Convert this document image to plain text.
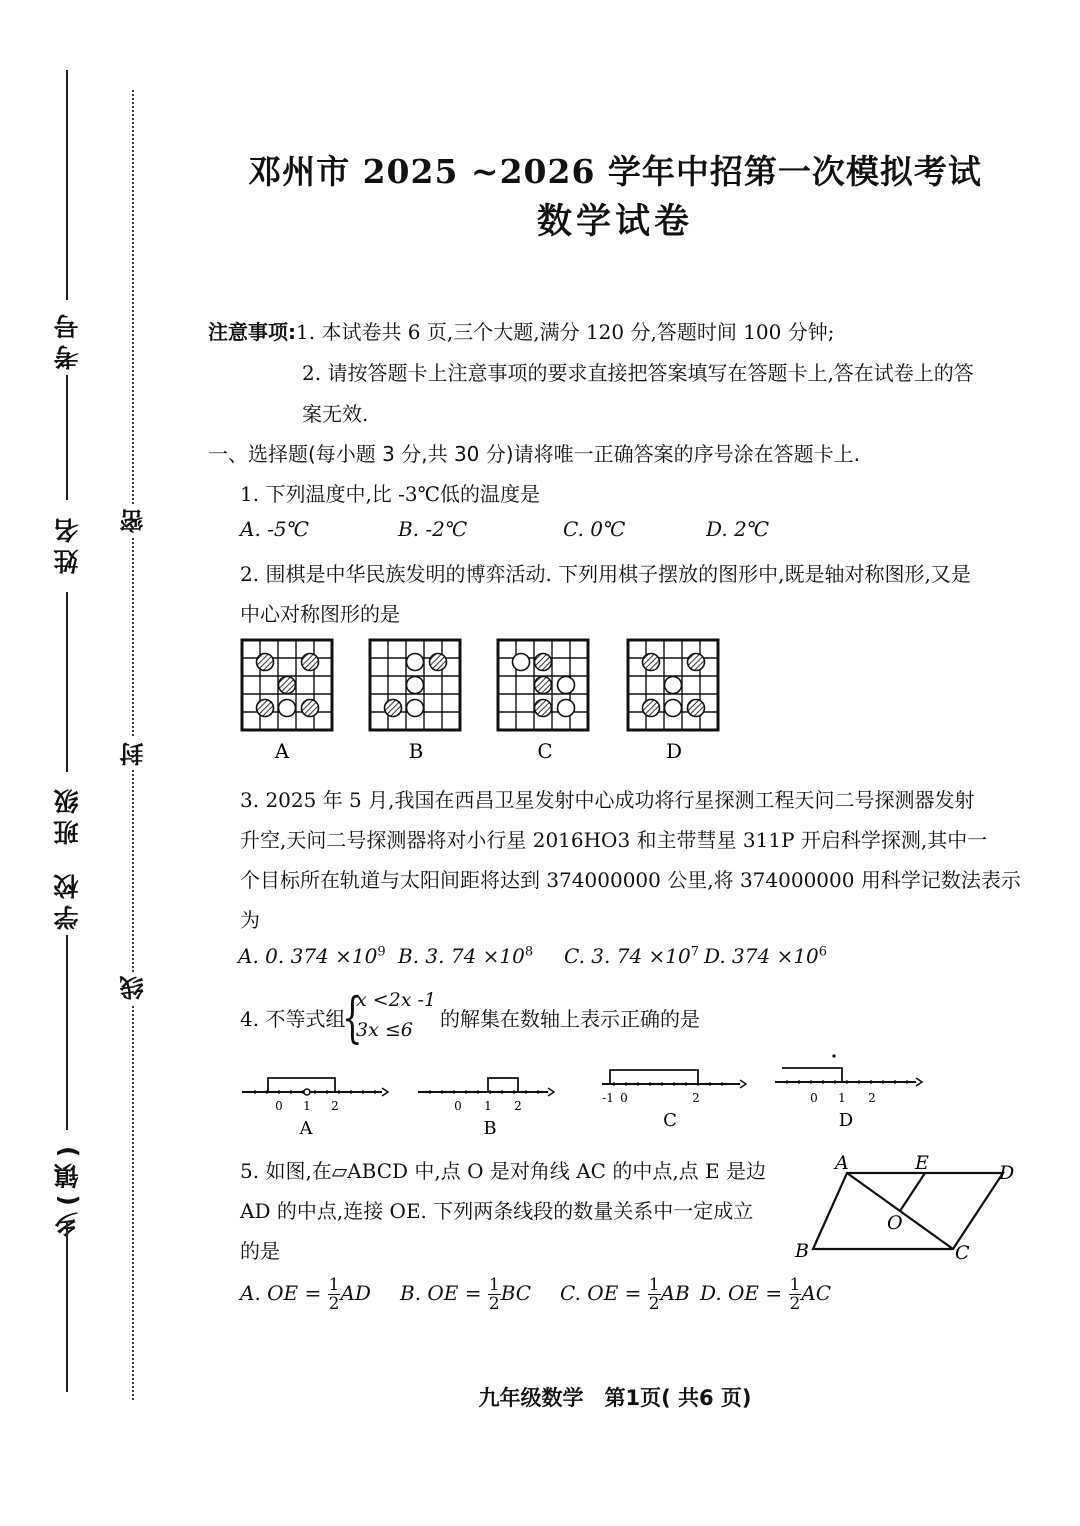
考号
姓名
班级
学校
乡(镇)
密
封
线
邓州市 2025 ~2026 学年中招第一次模拟考试
数学试卷
注意事项:1. 本试卷共 6 页,三个大题,满分 120 分,答题时间 100 分钟;
2. 请按答题卡上注意事项的要求直接把答案填写在答题卡上,答在试卷上的答
案无效.
一、选择题(每小题 3 分,共 30 分)请将唯一正确答案的序号涂在答题卡上.
1. 下列温度中,比 -3℃低的温度是
A. -5℃	B. -2℃	C. 0℃	D. 2℃
2. 围棋是中华民族发明的博弈活动. 下列用棋子摆放的图形中,既是轴对称图形,又是
中心对称图形的是
A	B	C	D
3. 2025 年 5 月,我国在西昌卫星发射中心成功将行星探测工程天问二号探测器发射
升空,天问二号探测器将对小行星 2016HO3 和主带彗星 311P 开启科学探测,其中一
个目标所在轨道与太阳间距将达到 374000000 公里,将 374000000 用科学记数法表示
为
A. 0. $374 \times 10^9$ B. 3. $74 \times 10^8$ C. 3. $74 \times 10^7$ D. $374 \times 10^6$
4. 不等式组
{
x <2x -1
3x ≤6	的解集在数轴上表示正确的是
0 1 2
A
0 1 2
B
-1 0	2
C
0 1 2
D
5. 如图,在▱ABCD 中,点 O 是对角线 AC 的中点,点 E 是边
AD 的中点,连接 OE. 下列两条线段的数量关系中一定成立
的是
A	E	D
O
B	C
A. OE = $\frac{1}{2}$ AD B. OE = $\frac{1}{2}$ BC C. OE = $\frac{1}{2}$ AB D. OE = $\frac{1}{2}$ AC
九年级数学　第1页( 共6 页)
